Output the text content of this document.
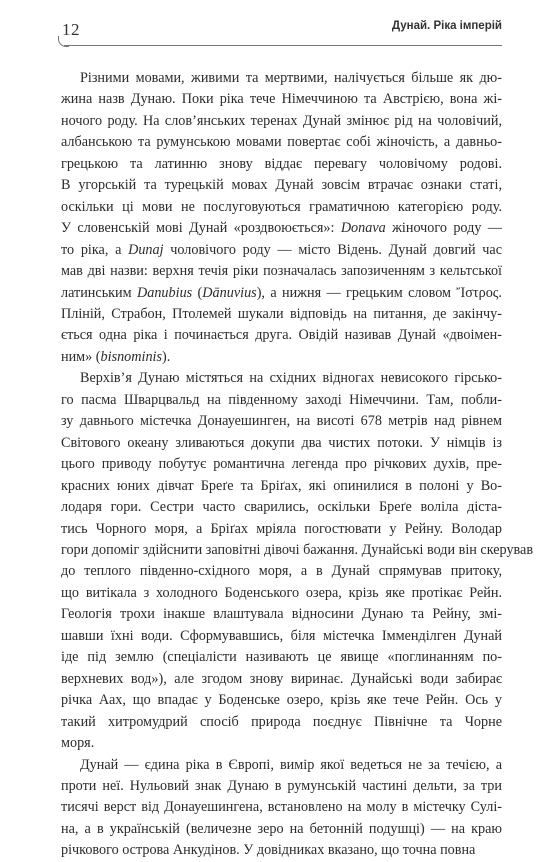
12	Дунай. Ріка імперій

Різними мовами, живими та мертвими, налічується більше як дю-
жина назв Дунаю. Поки ріка тече Німеччиною та Австрією, вона жі-
ночого роду. На слов’янських теренах Дунай змінює рід на чоловічий,
албанською та румунською мовами повертає собі жіночість, а давньо-
грецькою та латинню знову віддає перевагу чоловічому родові.
В угорській та турецькій мовах Дунай зовсім втрачає ознаки статі,
оскільки ці мови не послуговуються граматичною категорією роду.
У словенській мові Дунай «роздвоюється»: Donava жіночого роду —
то ріка, а Dunaj чоловічого роду — місто Відень. Дунай довгий час
мав дві назви: верхня течія ріки позначалась запозиченням з кельтської
латинським Danubius (Dānuvius), а нижня — грецьким словом Ἴστρος.
Пліній, Страбон, Птолемей шукали відповідь на питання, де закінчу-
ється одна ріка і починається друга. Овідій називав Дунай «двоімен-
ним» (bisnominis).

Верхів’я Дунаю містяться на східних відногах невисокого гірсько-
го пасма Шварцвальд на південному заході Німеччини. Там, побли-
зу давнього містечка Донауешинген, на висоті 678 метрів над рівнем
Світового океану зливаються докупи два чистих потоки. У німців із
цього приводу побутує романтична легенда про річкових духів, пре-
красних юних дівчат Бреґе та Бріґах, які опинилися в полоні у Во-
лодаря гори. Сестри часто сварились, оскільки Бреґе воліла діста-
тись Чорного моря, а Бріґах мріяла погостювати у Рейну. Володар
гори допоміг здійснити заповітні дівочі бажання. Дунайські води він скерував
до теплого південно-східного моря, а в Дунай спрямував притоку,
що витікала з холодного Боденського озера, крізь яке протікає Рейн.
Геологія трохи інакше влаштувала відносини Дунаю та Рейну, змі-
шавши їхні води. Сформувавшись, біля містечка Імменділген Дунай
іде під землю (спеціалісти називають це явище «поглинанням по-
верхневих вод»), але згодом знову виринає. Дунайські води забирає
річка Аах, що впадає у Боденське озеро, крізь яке тече Рейн. Ось у
такий хитромудрий спосіб природа поєднує Північне та Чорне
моря.

Дунай — єдина ріка в Європі, вимір якої ведеться не за течією, а
проти неї. Нульовий знак Дунаю в румунській частині дельти, за три
тисячі верст від Донауешингена, встановлено на молу в містечку Сулі-
на, а в українській (величезне зеро на бетонній подушці) — на краю
річкового острова Анкудінов. У довідниках вказано, що точна повна
